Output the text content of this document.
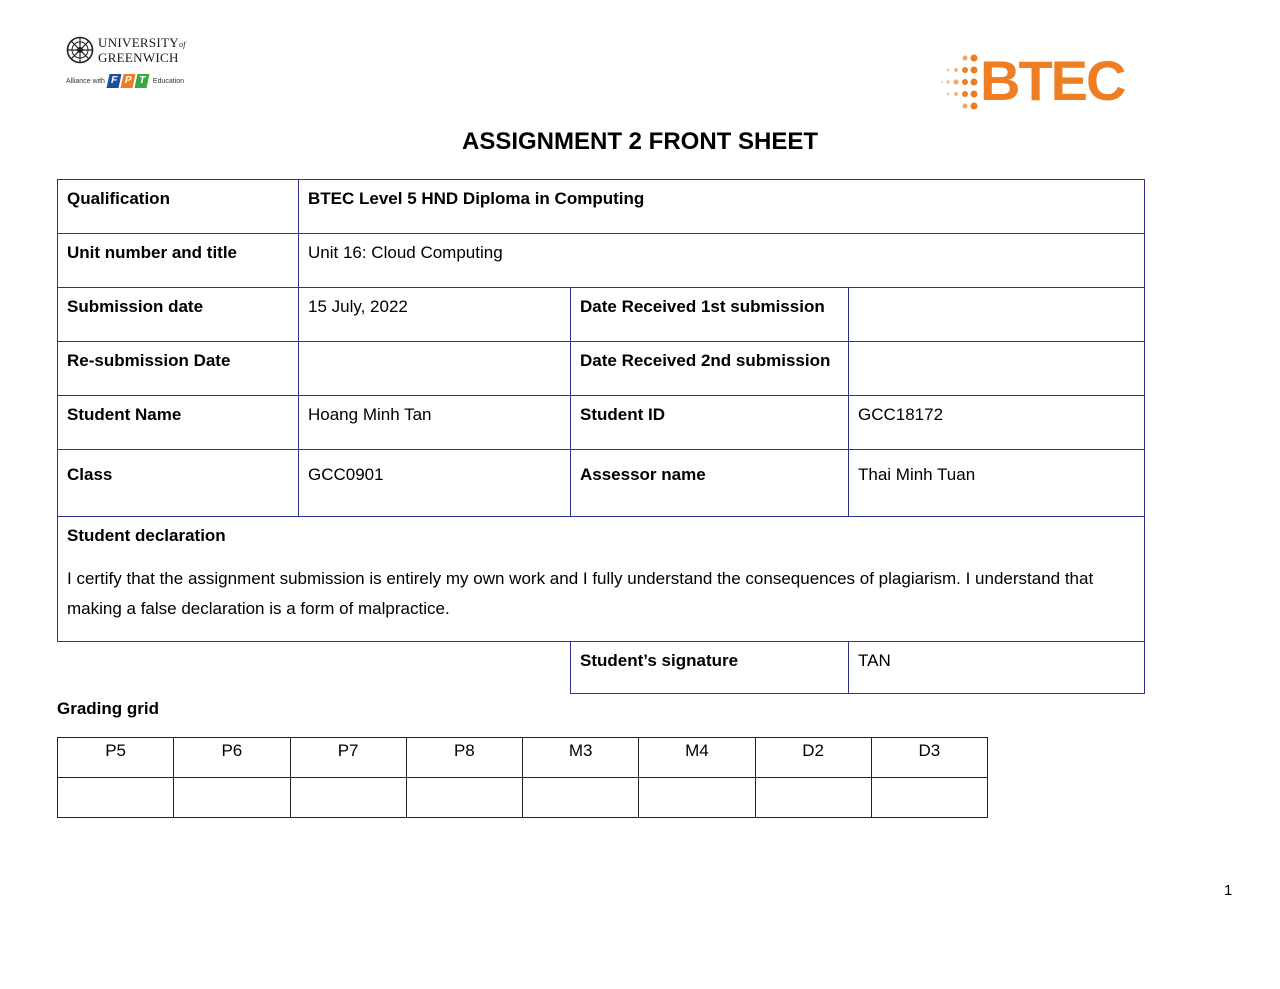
UNIVERSITYof
GREENWICH
Alliance with F P T Education	BTEC
ASSIGNMENT 2 FRONT SHEET
Qualification	BTEC Level 5 HND Diploma in Computing		
Unit number and title	Unit 16: Cloud Computing		
Submission date	15 July, 2022	Date Received 1st submission	
Re-submission Date		Date Received 2nd submission	
Student Name	Hoang Minh Tan	Student ID	GCC18172
Class	GCC0901	Assessor name	Thai Minh Tuan

Student declaration
I certify that the assignment submission is entirely my own work and I fully understand the consequences of plagiarism. I understand that making a false declaration is a form of malpractice.			

		Student’s signature	TAN
Grading grid
P5	P6	P7	P8	M3	M4	D2	D3

1
